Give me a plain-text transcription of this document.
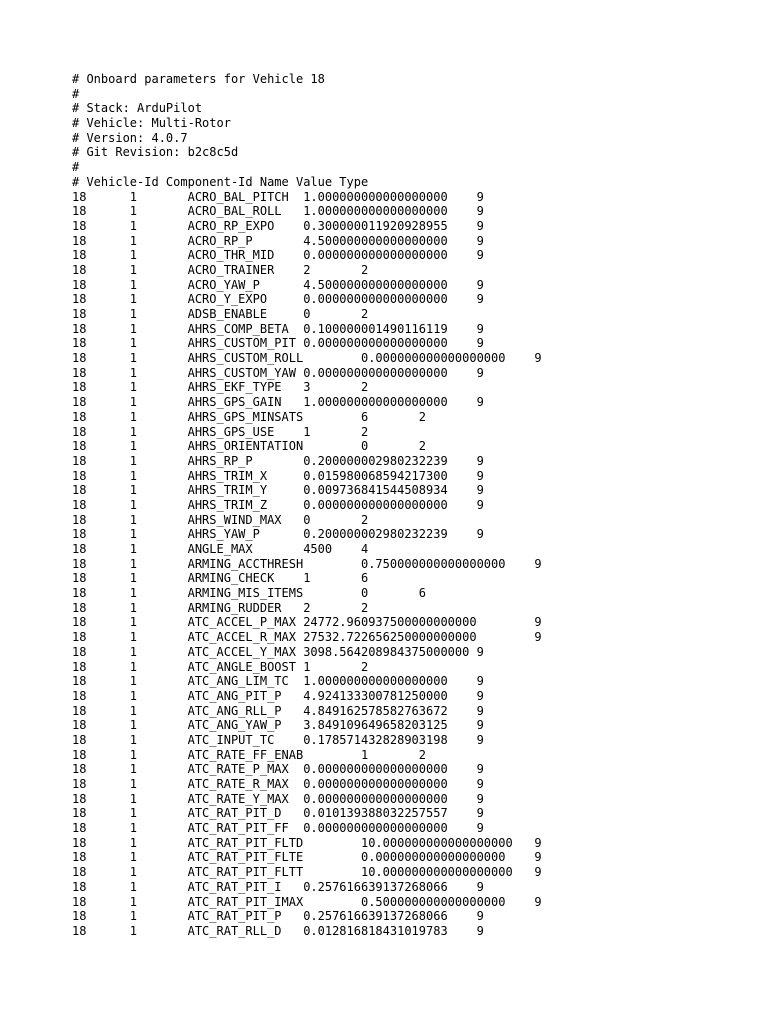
# Onboard parameters for Vehicle 18
#
# Stack: ArduPilot
# Vehicle: Multi-Rotor
# Version: 4.0.7
# Git Revision: b2c8c5d
#
# Vehicle-Id Component-Id Name Value Type
18	1	ACRO_BAL_PITCH	1.000000000000000000	9
18	1	ACRO_BAL_ROLL	1.000000000000000000	9
18	1	ACRO_RP_EXPO	0.300000011920928955	9
18	1	ACRO_RP_P	4.500000000000000000	9
18	1	ACRO_THR_MID	0.000000000000000000	9
18	1	ACRO_TRAINER	2	2
18	1	ACRO_YAW_P	4.500000000000000000	9
18	1	ACRO_Y_EXPO	0.000000000000000000	9
18	1	ADSB_ENABLE	0	2
18	1	AHRS_COMP_BETA	0.100000001490116119	9
18	1	AHRS_CUSTOM_PIT	0.000000000000000000	9
18	1	AHRS_CUSTOM_ROLL	0.000000000000000000	9
18	1	AHRS_CUSTOM_YAW	0.000000000000000000	9
18	1	AHRS_EKF_TYPE	3	2
18	1	AHRS_GPS_GAIN	1.000000000000000000	9
18	1	AHRS_GPS_MINSATS	6	2
18	1	AHRS_GPS_USE	1	2
18	1	AHRS_ORIENTATION	0	2
18	1	AHRS_RP_P	0.200000002980232239	9
18	1	AHRS_TRIM_X	0.015980068594217300	9
18	1	AHRS_TRIM_Y	0.009736841544508934	9
18	1	AHRS_TRIM_Z	0.000000000000000000	9
18	1	AHRS_WIND_MAX	0	2
18	1	AHRS_YAW_P	0.200000002980232239	9
18	1	ANGLE_MAX	4500	4
18	1	ARMING_ACCTHRESH	0.750000000000000000	9
18	1	ARMING_CHECK	1	6
18	1	ARMING_MIS_ITEMS	0	6
18	1	ARMING_RUDDER	2	2
18	1	ATC_ACCEL_P_MAX	24772.960937500000000000	9
18	1	ATC_ACCEL_R_MAX	27532.722656250000000000	9
18	1	ATC_ACCEL_Y_MAX	3098.564208984375000000	9
18	1	ATC_ANGLE_BOOST	1	2
18	1	ATC_ANG_LIM_TC	1.000000000000000000	9
18	1	ATC_ANG_PIT_P	4.924133300781250000	9
18	1	ATC_ANG_RLL_P	4.849162578582763672	9
18	1	ATC_ANG_YAW_P	3.849109649658203125	9
18	1	ATC_INPUT_TC	0.178571432828903198	9
18	1	ATC_RATE_FF_ENAB	1	2
18	1	ATC_RATE_P_MAX	0.000000000000000000	9
18	1	ATC_RATE_R_MAX	0.000000000000000000	9
18	1	ATC_RATE_Y_MAX	0.000000000000000000	9
18	1	ATC_RAT_PIT_D	0.010139388032257557	9
18	1	ATC_RAT_PIT_FF	0.000000000000000000	9
18	1	ATC_RAT_PIT_FLTD	10.000000000000000000	9
18	1	ATC_RAT_PIT_FLTE	0.000000000000000000	9
18	1	ATC_RAT_PIT_FLTT	10.000000000000000000	9
18	1	ATC_RAT_PIT_I	0.257616639137268066	9
18	1	ATC_RAT_PIT_IMAX	0.500000000000000000	9
18	1	ATC_RAT_PIT_P	0.257616639137268066	9
18	1	ATC_RAT_RLL_D	0.012816818431019783	9
